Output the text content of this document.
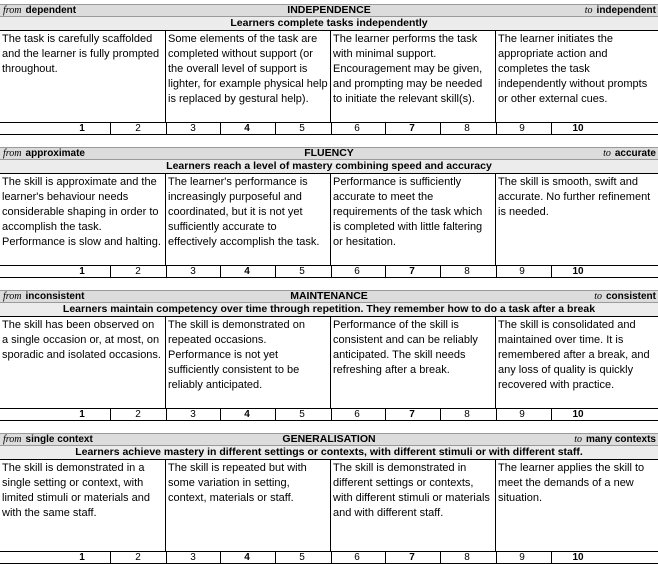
INDEPENDENCE
from dependent	to independent
Learners complete tasks independently
The task is carefully scaffolded and the learner is fully prompted throughout.
Some elements of the task are completed without support (or the overall level of support is lighter, for example physical help is replaced by gestural help).
The learner performs the task with minimal support. Encouragement may be given, and prompting may be needed to initiate the relevant skill(s).
The learner initiates the appropriate action and completes the task independently without prompts or other external cues.
1	2	3	4	5	6	7	8	9	10
FLUENCY
from approximate	to accurate
Learners reach a level of mastery combining speed and accuracy
The skill is approximate and the learner's behaviour needs considerable shaping in order to accomplish the task. Performance is slow and halting.
The learner's performance is increasingly purposeful and coordinated, but it is not yet sufficiently accurate to effectively accomplish the task.
Performance is sufficiently accurate to meet the requirements of the task which is completed with little faltering or hesitation.
The skill is smooth, swift and accurate. No further refinement is needed.
1	2	3	4	5	6	7	8	9	10
MAINTENANCE
from inconsistent	to consistent
Learners maintain competency over time through repetition. They remember how to do a task after a break
The skill has been observed on a single occasion or, at most, on sporadic and isolated occasions.
The skill is demonstrated on repeated occasions. Performance is not yet sufficiently consistent to be reliably anticipated.
Performance of the skill is consistent and can be reliably anticipated. The skill needs refreshing after a break.
The skill is consolidated and maintained over time. It is remembered after a break, and any loss of quality is quickly recovered with practice.
1	2	3	4	5	6	7	8	9	10
GENERALISATION
from single context	to many contexts
Learners achieve mastery in different settings or contexts, with different stimuli or with different staff.
The skill is demonstrated in a single setting or context, with limited stimuli or materials and with the same staff.
The skill is repeated but with some variation in setting, context, materials or staff.
The skill is demonstrated in different settings or contexts, with different stimuli or materials and with different staff.
The learner applies the skill to meet the demands of a new situation.
1	2	3	4	5	6	7	8	9	10
